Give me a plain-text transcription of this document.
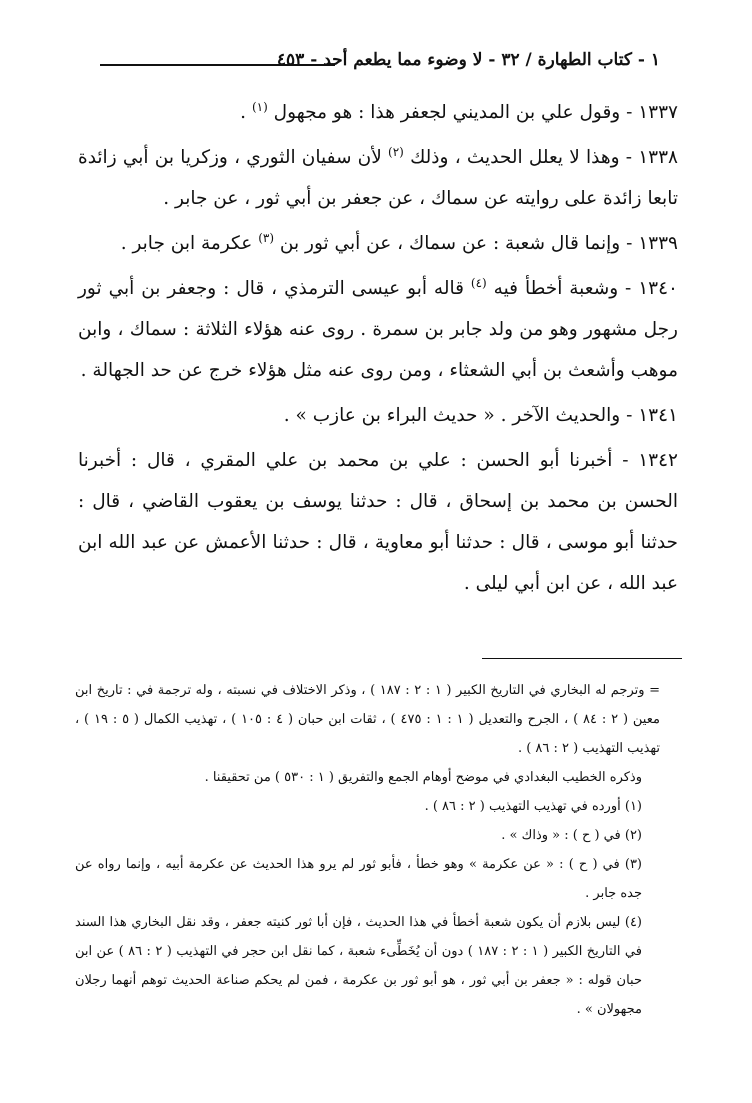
١ - كتاب الطهارة / ٣٢ - لا وضوء مما يطعم أحد - ٤٥٣

١٣٣٧ - وقول علي بن المديني لجعفر هذا : هو مجهول $^{(١)}$ .

١٣٣٨ - وهذا لا يعلل الحديث ، وذلك $^{(٢)}$ لأن سفيان الثوري ، وزكريا بن أبي زائدة تابعا زائدة على روايته عن سماك ، عن جعفر بن أبي ثور ، عن جابر .

١٣٣٩ - وإنما قال شعبة : عن سماك ، عن أبي ثور بن $^{(٣)}$ عكرمة ابن جابر .

١٣٤٠ - وشعبة أخطأ فيه $^{(٤)}$ قاله أبو عيسى الترمذي ، قال : وجعفر بن أبي ثور رجل مشهور وهو من ولد جابر بن سمرة . روى عنه هؤلاء الثلاثة : سماك ، وابن موهب وأشعث بن أبي الشعثاء ، ومن روى عنه مثل هؤلاء خرج عن حد الجهالة .

١٣٤١ - والحديث الآخر . « حديث البراء بن عازب » .

١٣٤٢ - أخبرنا أبو الحسن : علي بن محمد بن علي المقري ، قال : أخبرنا الحسن بن محمد بن إسحاق ، قال : حدثنا يوسف بن يعقوب القاضي ، قال : حدثنا أبو موسى ، قال : حدثنا أبو معاوية ، قال : حدثنا الأعمش عن عبد الله ابن عبد الله ، عن ابن أبي ليلى .

= وترجم له البخاري في التاريخ الكبير ( ١ : ٢ : ١٨٧ ) ، وذكر الاختلاف في نسبته ، وله ترجمة في : تاريخ ابن معين ( ٢ : ٨٤ ) ، الجرح والتعديل ( ١ : ١ : ٤٧٥ ) ، ثقات ابن حبان ( ٤ : ١٠٥ ) ، تهذيب الكمال ( ٥ : ١٩ ) ، تهذيب التهذيب ( ٢ : ٨٦ ) .

وذكره الخطيب البغدادي في موضح أوهام الجمع والتفريق ( ١ : ٥٣٠ ) من تحقيقنا .

(١) أورده في تهذيب التهذيب ( ٢ : ٨٦ ) .

(٢) في ( ح ) : « وذاك » .

(٣) في ( ح ) : « عن عكرمة » وهو خطأ ، فأبو ثور لم يرو هذا الحديث عن عكرمة أبيه ، وإنما رواه عن جده جابر .

(٤) ليس بلازم أن يكون شعبة أخطأ في هذا الحديث ، فإن أبا ثور كنيته جعفر ، وقد نقل البخاري هذا السند في التاريخ الكبير ( ١ : ٢ : ١٨٧ ) دون أن يُخَطِّىء شعبة ، كما نقل ابن حجر في التهذيب ( ٢ : ٨٦ ) عن ابن حبان قوله : « جعفر بن أبي ثور ، هو أبو ثور بن عكرمة ، فمن لم يحكم صناعة الحديث توهم أنهما رجلان مجهولان » .
